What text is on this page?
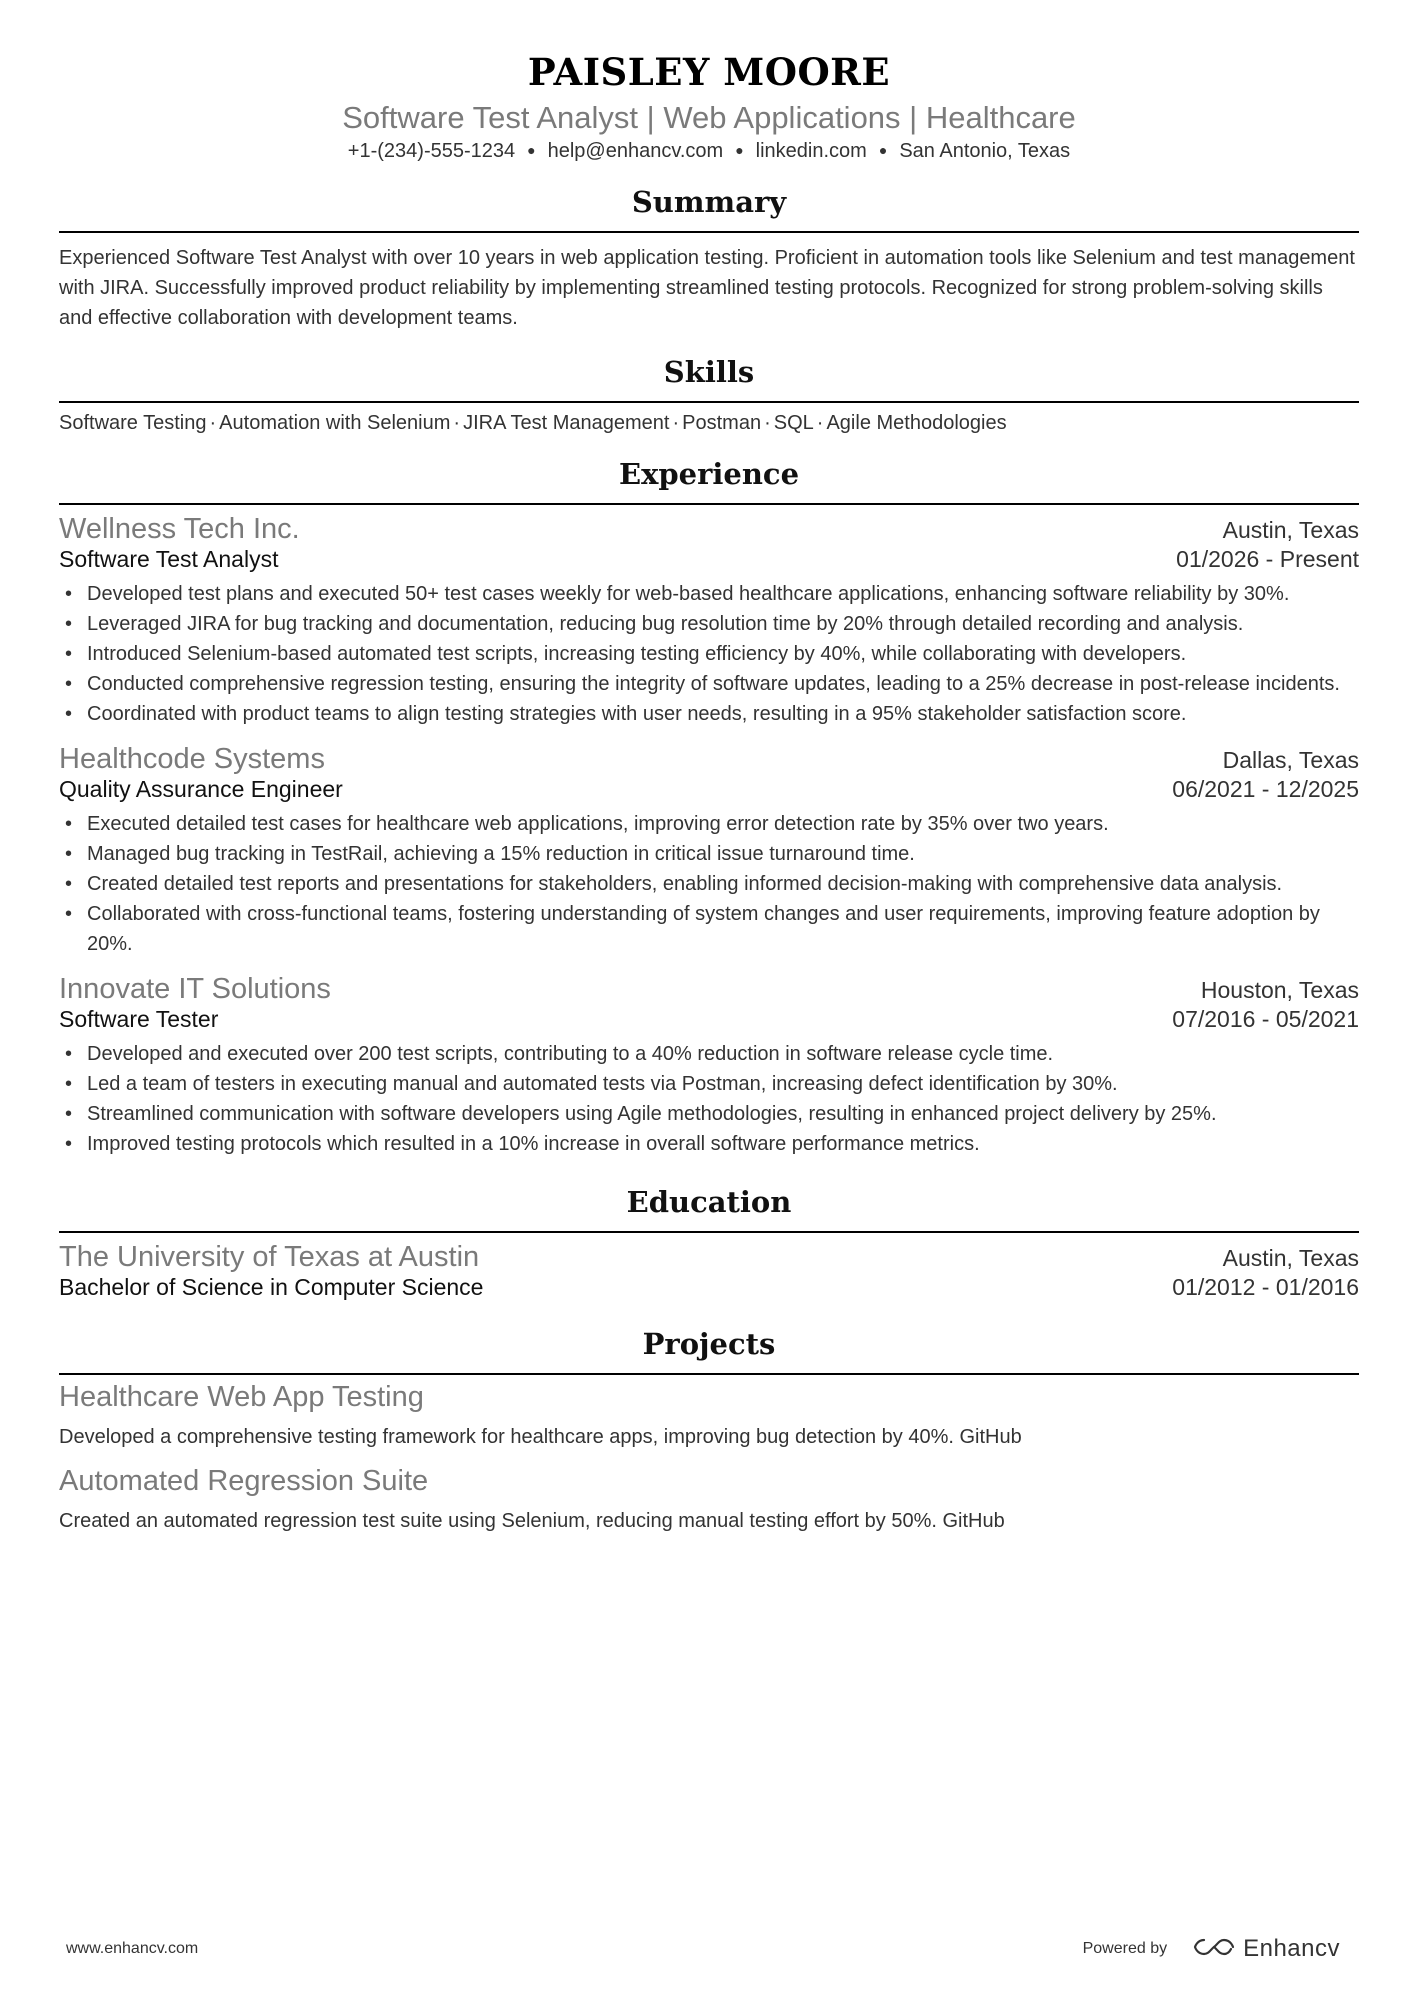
PAISLEY MOORE
Software Test Analyst | Web Applications | Healthcare
+1-(234)-555-1234 ● help@enhancv.com ● linkedin.com ● San Antonio, Texas
Summary
Experienced Software Test Analyst with over 10 years in web application testing. Proficient in automation tools like Selenium and test management with JIRA. Successfully improved product reliability by implementing streamlined testing protocols. Recognized for strong problem-solving skills and effective collaboration with development teams.
Skills
Software Testing · Automation with Selenium · JIRA Test Management · Postman · SQL · Agile Methodologies
Experience
Wellness Tech Inc.	Austin, Texas
Software Test Analyst	01/2026 - Present
• Developed test plans and executed 50+ test cases weekly for web-based healthcare applications, enhancing software reliability by 30%.
• Leveraged JIRA for bug tracking and documentation, reducing bug resolution time by 20% through detailed recording and analysis.
• Introduced Selenium-based automated test scripts, increasing testing efficiency by 40%, while collaborating with developers.
• Conducted comprehensive regression testing, ensuring the integrity of software updates, leading to a 25% decrease in post-release incidents.
• Coordinated with product teams to align testing strategies with user needs, resulting in a 95% stakeholder satisfaction score.
Healthcode Systems	Dallas, Texas
Quality Assurance Engineer	06/2021 - 12/2025
• Executed detailed test cases for healthcare web applications, improving error detection rate by 35% over two years.
• Managed bug tracking in TestRail, achieving a 15% reduction in critical issue turnaround time.
• Created detailed test reports and presentations for stakeholders, enabling informed decision-making with comprehensive data analysis.
• Collaborated with cross-functional teams, fostering understanding of system changes and user requirements, improving feature adoption by 20%.
Innovate IT Solutions	Houston, Texas
Software Tester	07/2016 - 05/2021
• Developed and executed over 200 test scripts, contributing to a 40% reduction in software release cycle time.
• Led a team of testers in executing manual and automated tests via Postman, increasing defect identification by 30%.
• Streamlined communication with software developers using Agile methodologies, resulting in enhanced project delivery by 25%.
• Improved testing protocols which resulted in a 10% increase in overall software performance metrics.
Education
The University of Texas at Austin	Austin, Texas
Bachelor of Science in Computer Science	01/2012 - 01/2016
Projects
Healthcare Web App Testing
Developed a comprehensive testing framework for healthcare apps, improving bug detection by 40%. GitHub
Automated Regression Suite
Created an automated regression test suite using Selenium, reducing manual testing effort by 50%. GitHub
www.enhancv.com	Powered by	Enhancv
